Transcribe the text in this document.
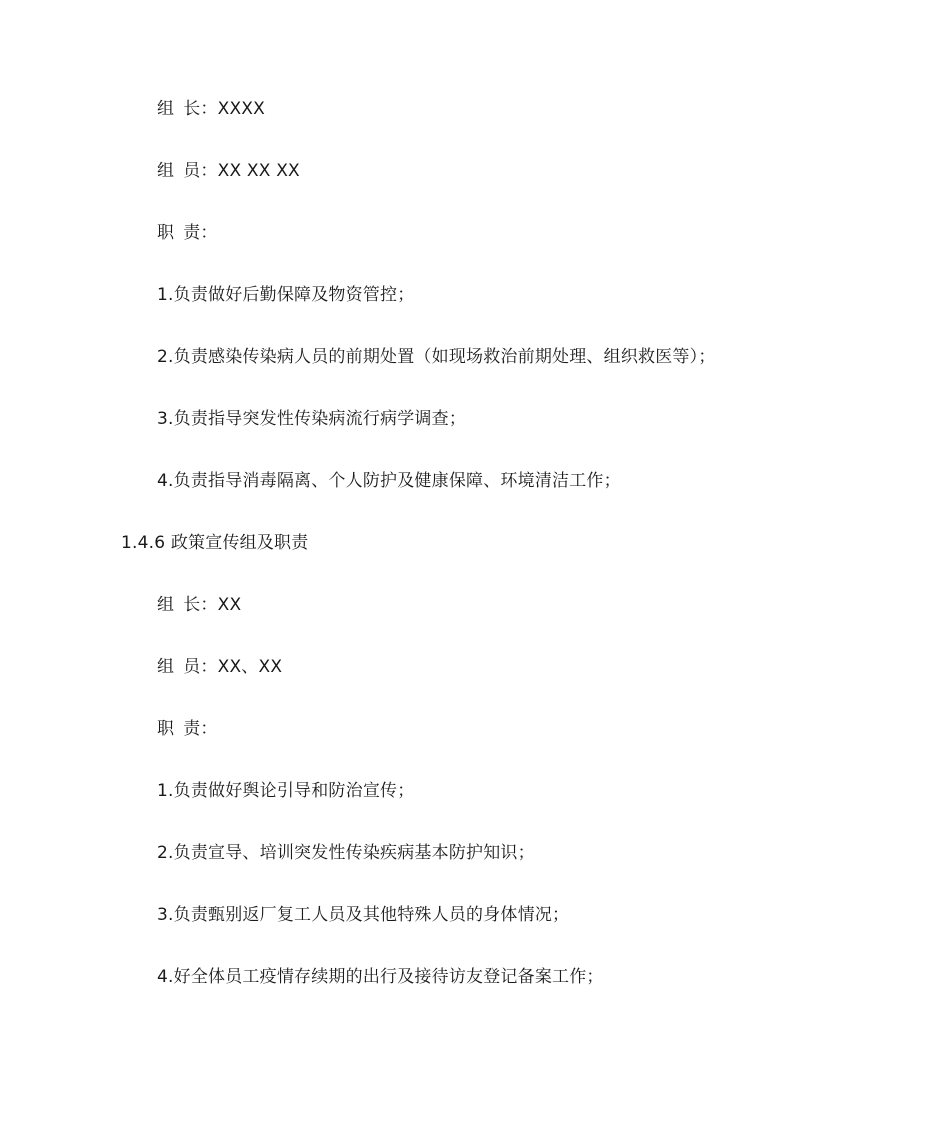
组 长：XXXX
组 员：XX XX XX
职 责：
1.负责做好后勤保障及物资管控；
2.负责感染传染病人员的前期处置（如现场救治前期处理、组织救医等）；
3.负责指导突发性传染病流行病学调查；
4.负责指导消毒隔离、个人防护及健康保障、环境清洁工作；
1.4.6 政策宣传组及职责
组 长：XX
组 员：XX、XX
职 责：
1.负责做好舆论引导和防治宣传；
2.负责宣导、培训突发性传染疾病基本防护知识；
3.负责甄别返厂复工人员及其他特殊人员的身体情况；
4.好全体员工疫情存续期的出行及接待访友登记备案工作；
